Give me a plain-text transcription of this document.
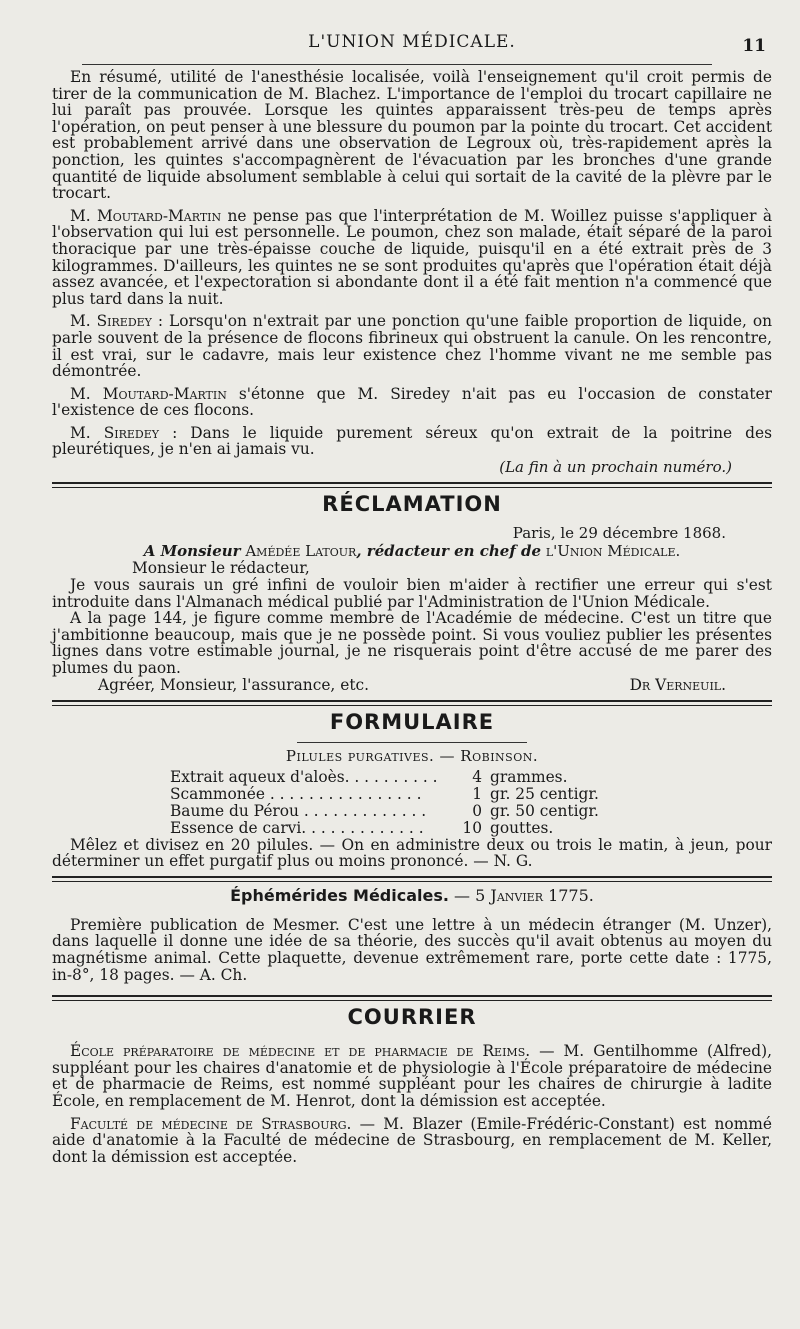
L'UNION MÉDICALE.	11

En résumé, utilité de l'anesthésie localisée, voilà l'enseignement qu'il croit permis de tirer de la communication de M. Blachez. L'importance de l'emploi du trocart capillaire ne lui paraît pas prouvée. Lorsque les quintes apparaissent très-peu de temps après l'opération, on peut penser à une blessure du poumon par la pointe du trocart. Cet accident est probablement arrivé dans une observation de Legroux où, très-rapidement après la ponction, les quintes s'accompagnèrent de l'évacuation par les bronches d'une grande quantité de liquide absolument semblable à celui qui sortait de la cavité de la plèvre par le trocart.

M. Moutard-Martin ne pense pas que l'interprétation de M. Woillez puisse s'appliquer à l'observation qui lui est personnelle. Le poumon, chez son malade, était séparé de la paroi thoracique par une très-épaisse couche de liquide, puisqu'il en a été extrait près de 3 kilogrammes. D'ailleurs, les quintes ne se sont produites qu'après que l'opération était déjà assez avancée, et l'expectoration si abondante dont il a été fait mention n'a commencé que plus tard dans la nuit.

M. Siredey : Lorsqu'on n'extrait par une ponction qu'une faible proportion de liquide, on parle souvent de la présence de flocons fibrineux qui obstruent la canule. On les rencontre, il est vrai, sur le cadavre, mais leur existence chez l'homme vivant ne me semble pas démontrée.

M. Moutard-Martin s'étonne que M. Siredey n'ait pas eu l'occasion de constater l'existence de ces flocons.

M. Siredey : Dans le liquide purement séreux qu'on extrait de la poitrine des pleurétiques, je n'en ai jamais vu.

(La fin à un prochain numéro.)
RÉCLAMATION
Paris, le 29 décembre 1868.
A Monsieur Amédée Latour, rédacteur en chef de l'Union Médicale.
Monsieur le rédacteur,

Je vous saurais un gré infini de vouloir bien m'aider à rectifier une erreur qui s'est introduite dans l'Almanach médical publié par l'Administration de l'Union Médicale.

A la page 144, je figure comme membre de l'Académie de médecine. C'est un titre que j'ambitionne beaucoup, mais que je ne possède point. Si vous vouliez publier les présentes lignes dans votre estimable journal, je ne risquerais point d'être accusé de me parer des plumes du paon.

Agréer, Monsieur, l'assurance, etc.	Dr Verneuil.
FORMULAIRE
Pilules purgatives. — Robinson.
Extrait aqueux d'aloès. . . . . . . . . .	4	grammes.
Scammonée . . . . . . . . . . . . . . . .	1	gr. 25 centigr.
Baume du Pérou . . . . . . . . . . . . .	0	gr. 50 centigr.
Essence de carvi. . . . . . . . . . . . .	10	gouttes.

Mêlez et divisez en 20 pilules. — On en administre deux ou trois le matin, à jeun, pour déterminer un effet purgatif plus ou moins prononcé. — N. G.

Éphémérides Médicales. — 5 Janvier 1775.

Première publication de Mesmer. C'est une lettre à un médecin étranger (M. Unzer), dans laquelle il donne une idée de sa théorie, des succès qu'il avait obtenus au moyen du magnétisme animal. Cette plaquette, devenue extrêmement rare, porte cette date : 1775, in-8°, 18 pages. — A. Ch.

COURRIER

École préparatoire de médecine et de pharmacie de Reims. — M. Gentilhomme (Alfred), suppléant pour les chaires d'anatomie et de physiologie à l'École préparatoire de médecine et de pharmacie de Reims, est nommé suppléant pour les chaires de chirurgie à ladite École, en remplacement de M. Henrot, dont la démission est acceptée.

Faculté de médecine de Strasbourg. — M. Blazer (Emile-Frédéric-Constant) est nommé aide d'anatomie à la Faculté de médecine de Strasbourg, en remplacement de M. Keller, dont la démission est acceptée.
